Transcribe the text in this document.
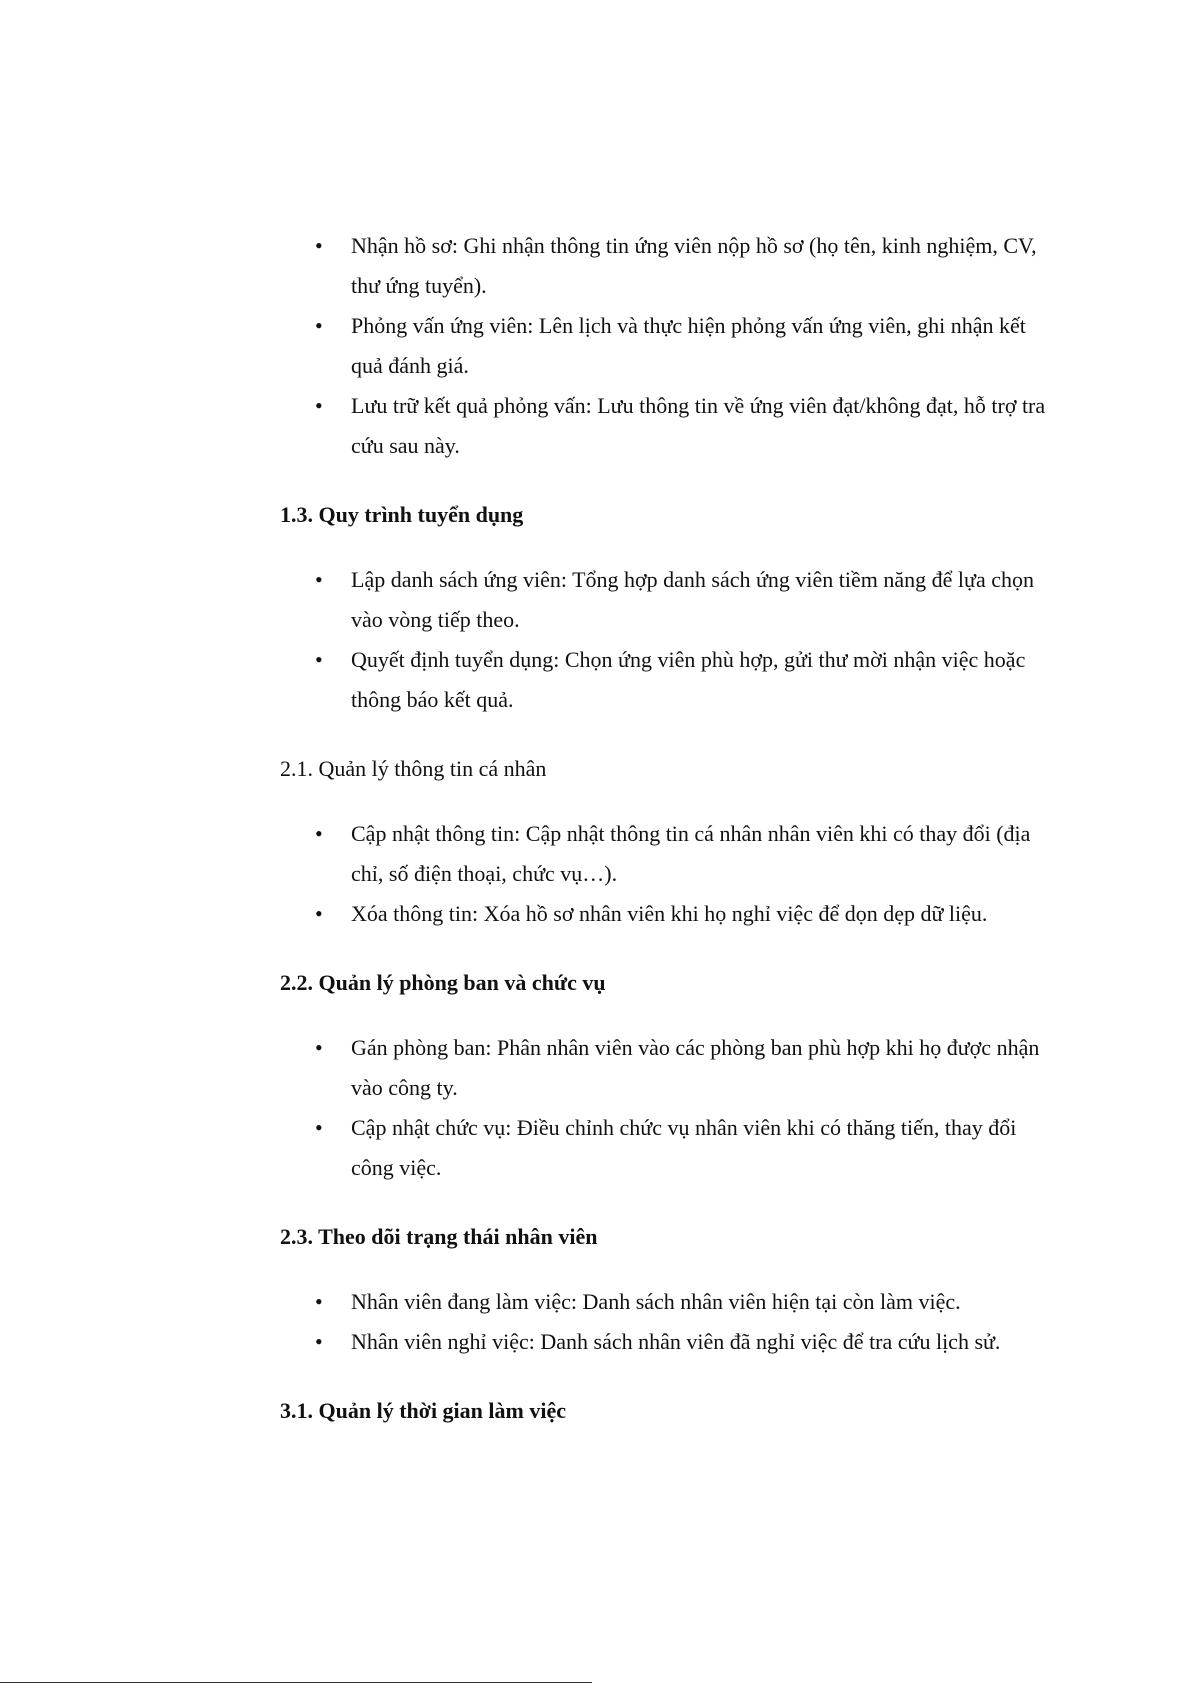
• Nhận hồ sơ: Ghi nhận thông tin ứng viên nộp hồ sơ (họ tên, kinh nghiệm, CV, thư ứng tuyển).
• Phỏng vấn ứng viên: Lên lịch và thực hiện phỏng vấn ứng viên, ghi nhận kết quả đánh giá.
• Lưu trữ kết quả phỏng vấn: Lưu thông tin về ứng viên đạt/không đạt, hỗ trợ tra cứu sau này.
1.3. Quy trình tuyển dụng
• Lập danh sách ứng viên: Tổng hợp danh sách ứng viên tiềm năng để lựa chọn vào vòng tiếp theo.
• Quyết định tuyển dụng: Chọn ứng viên phù hợp, gửi thư mời nhận việc hoặc thông báo kết quả.
2.1. Quản lý thông tin cá nhân
• Cập nhật thông tin: Cập nhật thông tin cá nhân nhân viên khi có thay đổi (địa chỉ, số điện thoại, chức vụ…).
• Xóa thông tin: Xóa hồ sơ nhân viên khi họ nghỉ việc để dọn dẹp dữ liệu.
2.2. Quản lý phòng ban và chức vụ
• Gán phòng ban: Phân nhân viên vào các phòng ban phù hợp khi họ được nhận vào công ty.
• Cập nhật chức vụ: Điều chỉnh chức vụ nhân viên khi có thăng tiến, thay đổi công việc.
2.3. Theo dõi trạng thái nhân viên
• Nhân viên đang làm việc: Danh sách nhân viên hiện tại còn làm việc.
• Nhân viên nghỉ việc: Danh sách nhân viên đã nghỉ việc để tra cứu lịch sử.
3.1. Quản lý thời gian làm việc
